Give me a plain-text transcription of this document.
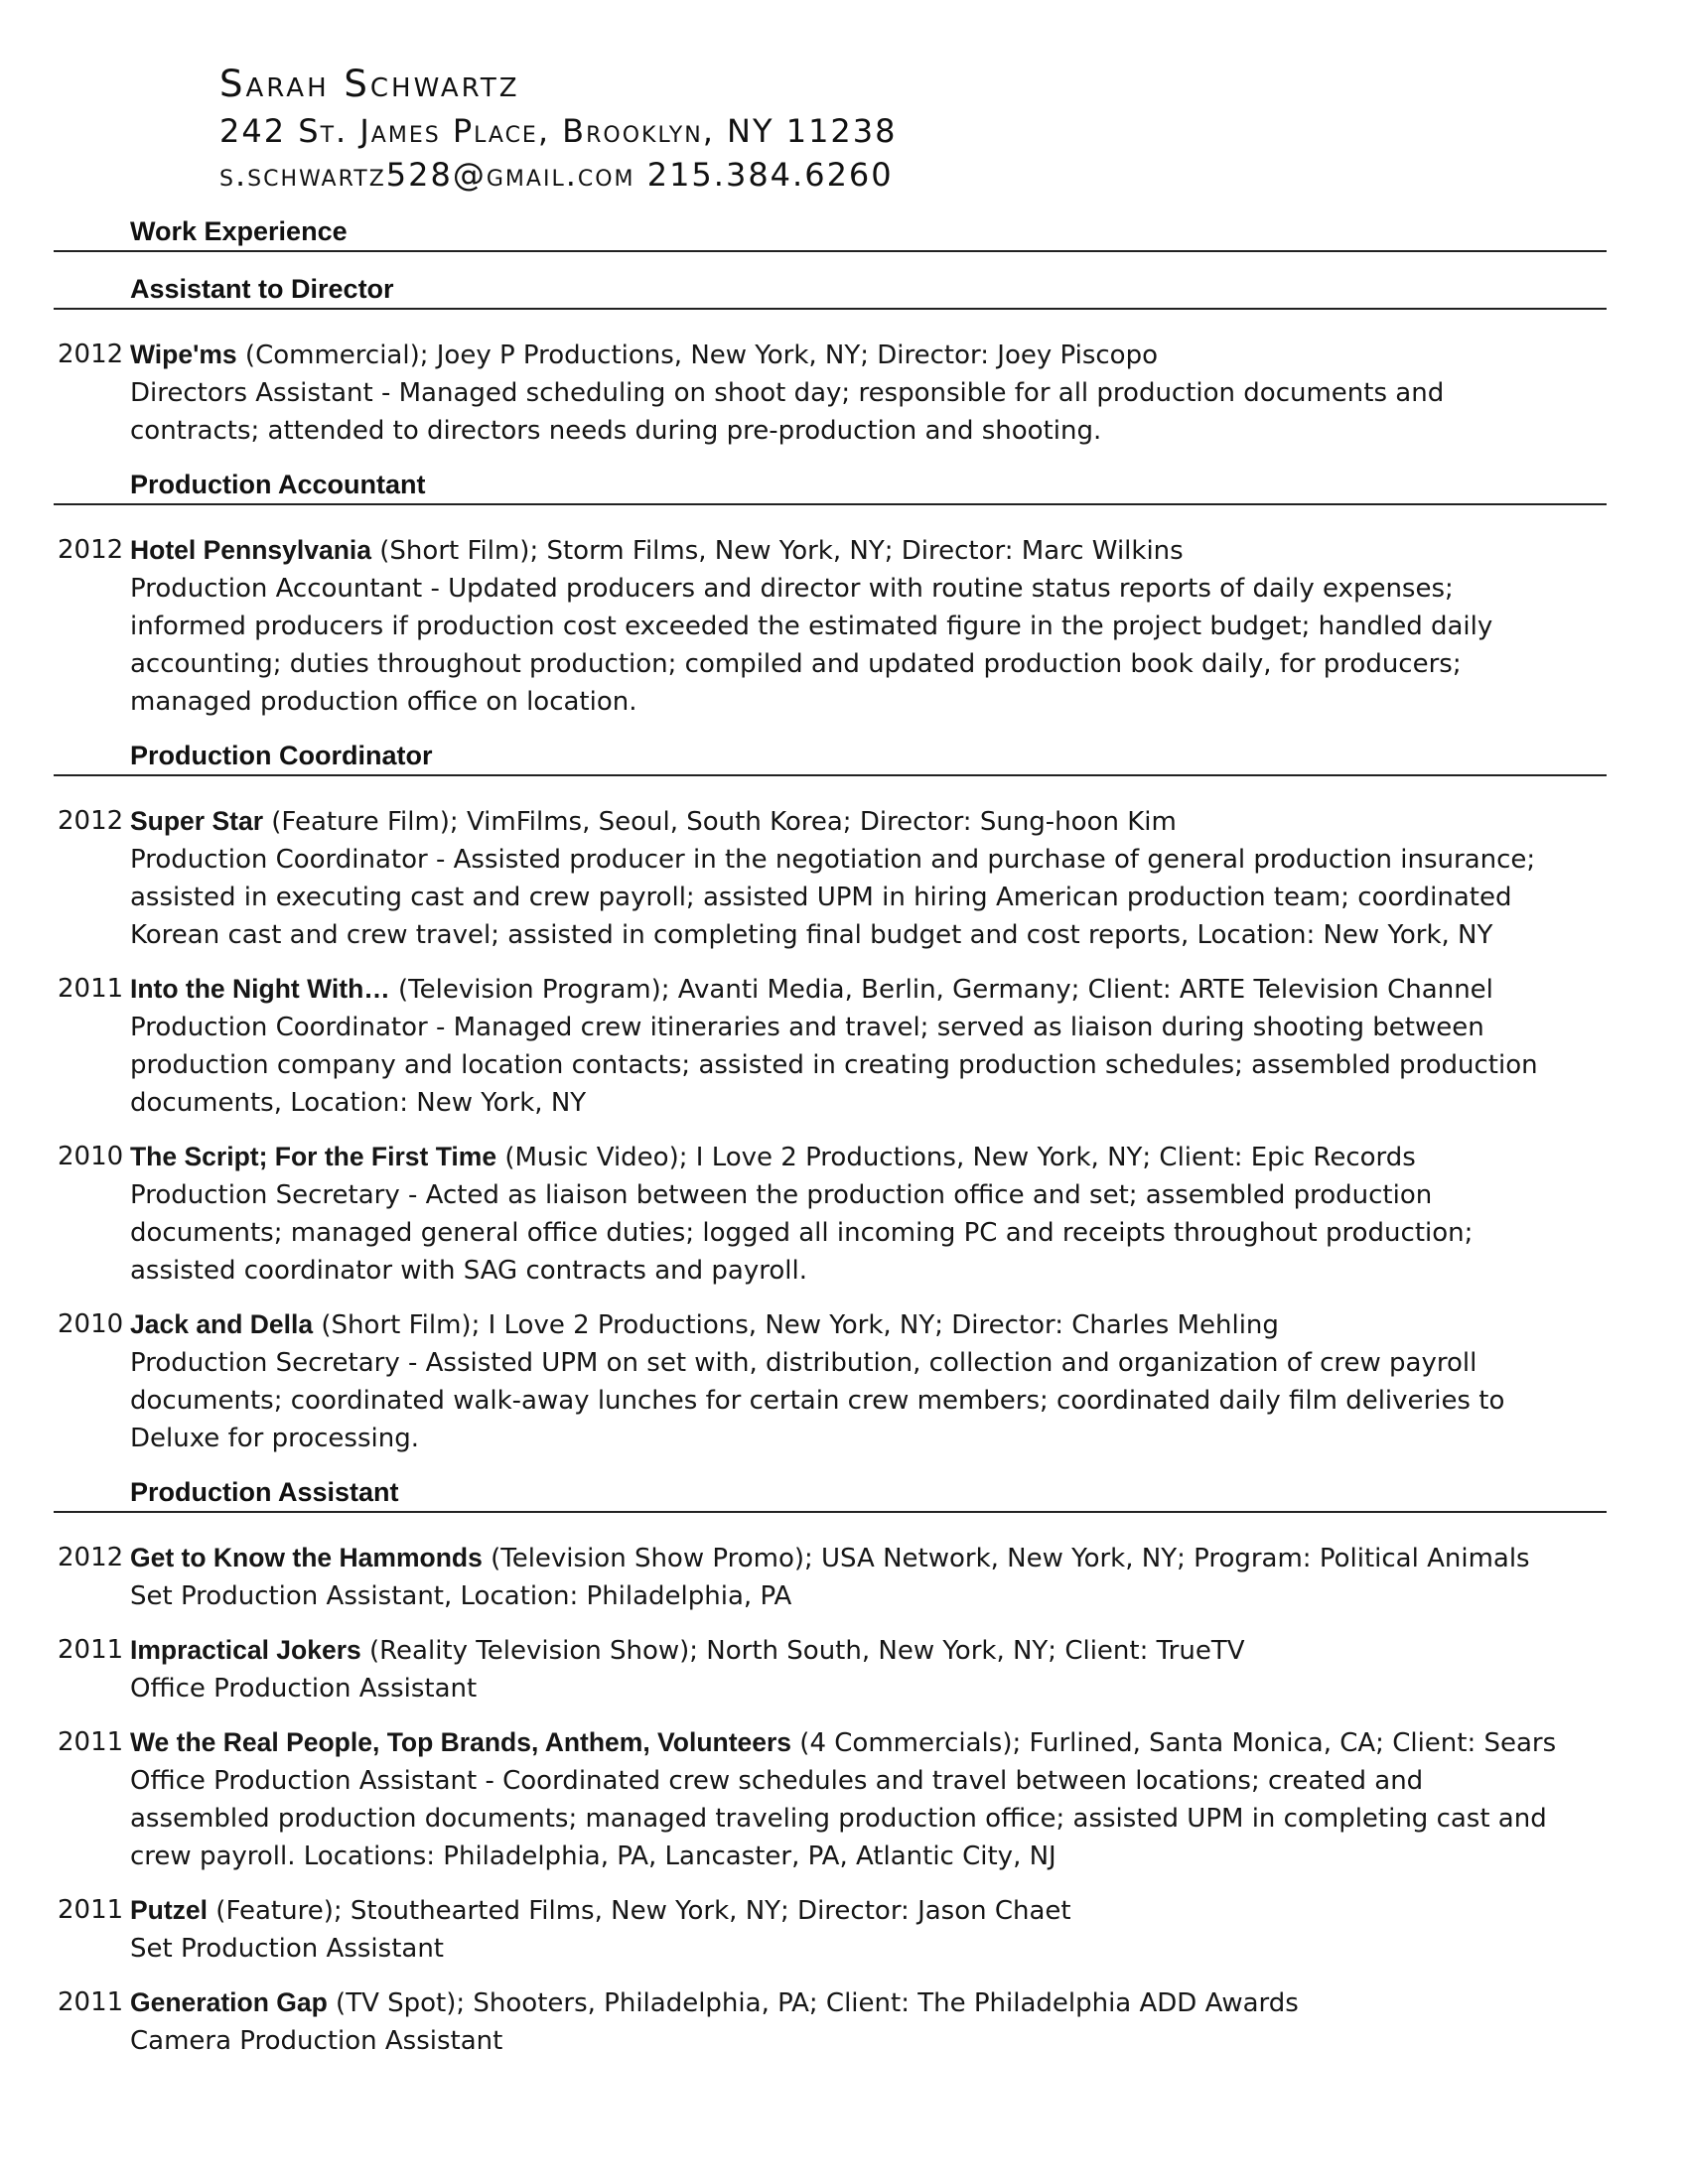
Sarah Schwartz
242 St. James Place, Brooklyn, NY 11238
s.schwartz528@gmail.com 215.384.6260
Work Experience
Assistant to Director
2012 Wipe'ms (Commercial); Joey P Productions, New York, NY; Director: Joey Piscopo
Directors Assistant - Managed scheduling on shoot day; responsible for all production documents and
contracts; attended to directors needs during pre-production and shooting.
Production Accountant
2012 Hotel Pennsylvania (Short Film); Storm Films, New York, NY; Director: Marc Wilkins
Production Accountant - Updated producers and director with routine status reports of daily expenses;
informed producers if production cost exceeded the estimated figure in the project budget; handled daily
accounting; duties throughout production; compiled and updated production book daily, for producers;
managed production office on location.
Production Coordinator
2012 Super Star (Feature Film); VimFilms, Seoul, South Korea; Director: Sung-hoon Kim
Production Coordinator - Assisted producer in the negotiation and purchase of general production insurance;
assisted in executing cast and crew payroll; assisted UPM in hiring American production team; coordinated
Korean cast and crew travel; assisted in completing final budget and cost reports, Location: New York, NY
2011 Into the Night With… (Television Program); Avanti Media, Berlin, Germany; Client: ARTE Television Channel
Production Coordinator - Managed crew itineraries and travel; served as liaison during shooting between
production company and location contacts; assisted in creating production schedules; assembled production
documents, Location: New York, NY
2010 The Script; For the First Time (Music Video); I Love 2 Productions, New York, NY; Client: Epic Records
Production Secretary - Acted as liaison between the production office and set; assembled production
documents; managed general office duties; logged all incoming PC and receipts throughout production;
assisted coordinator with SAG contracts and payroll.
2010 Jack and Della (Short Film); I Love 2 Productions, New York, NY; Director: Charles Mehling
Production Secretary - Assisted UPM on set with, distribution, collection and organization of crew payroll
documents; coordinated walk-away lunches for certain crew members; coordinated daily film deliveries to
Deluxe for processing.
Production Assistant
2012 Get to Know the Hammonds (Television Show Promo); USA Network, New York, NY; Program: Political Animals
Set Production Assistant, Location: Philadelphia, PA
2011 Impractical Jokers (Reality Television Show); North South, New York, NY; Client: TrueTV
Office Production Assistant
2011 We the Real People, Top Brands, Anthem, Volunteers (4 Commercials); Furlined, Santa Monica, CA; Client: Sears
Office Production Assistant - Coordinated crew schedules and travel between locations; created and
assembled production documents; managed traveling production office; assisted UPM in completing cast and
crew payroll. Locations: Philadelphia, PA, Lancaster, PA, Atlantic City, NJ
2011 Putzel (Feature); Stouthearted Films, New York, NY; Director: Jason Chaet
Set Production Assistant
2011 Generation Gap (TV Spot); Shooters, Philadelphia, PA; Client: The Philadelphia ADD Awards
Camera Production Assistant
